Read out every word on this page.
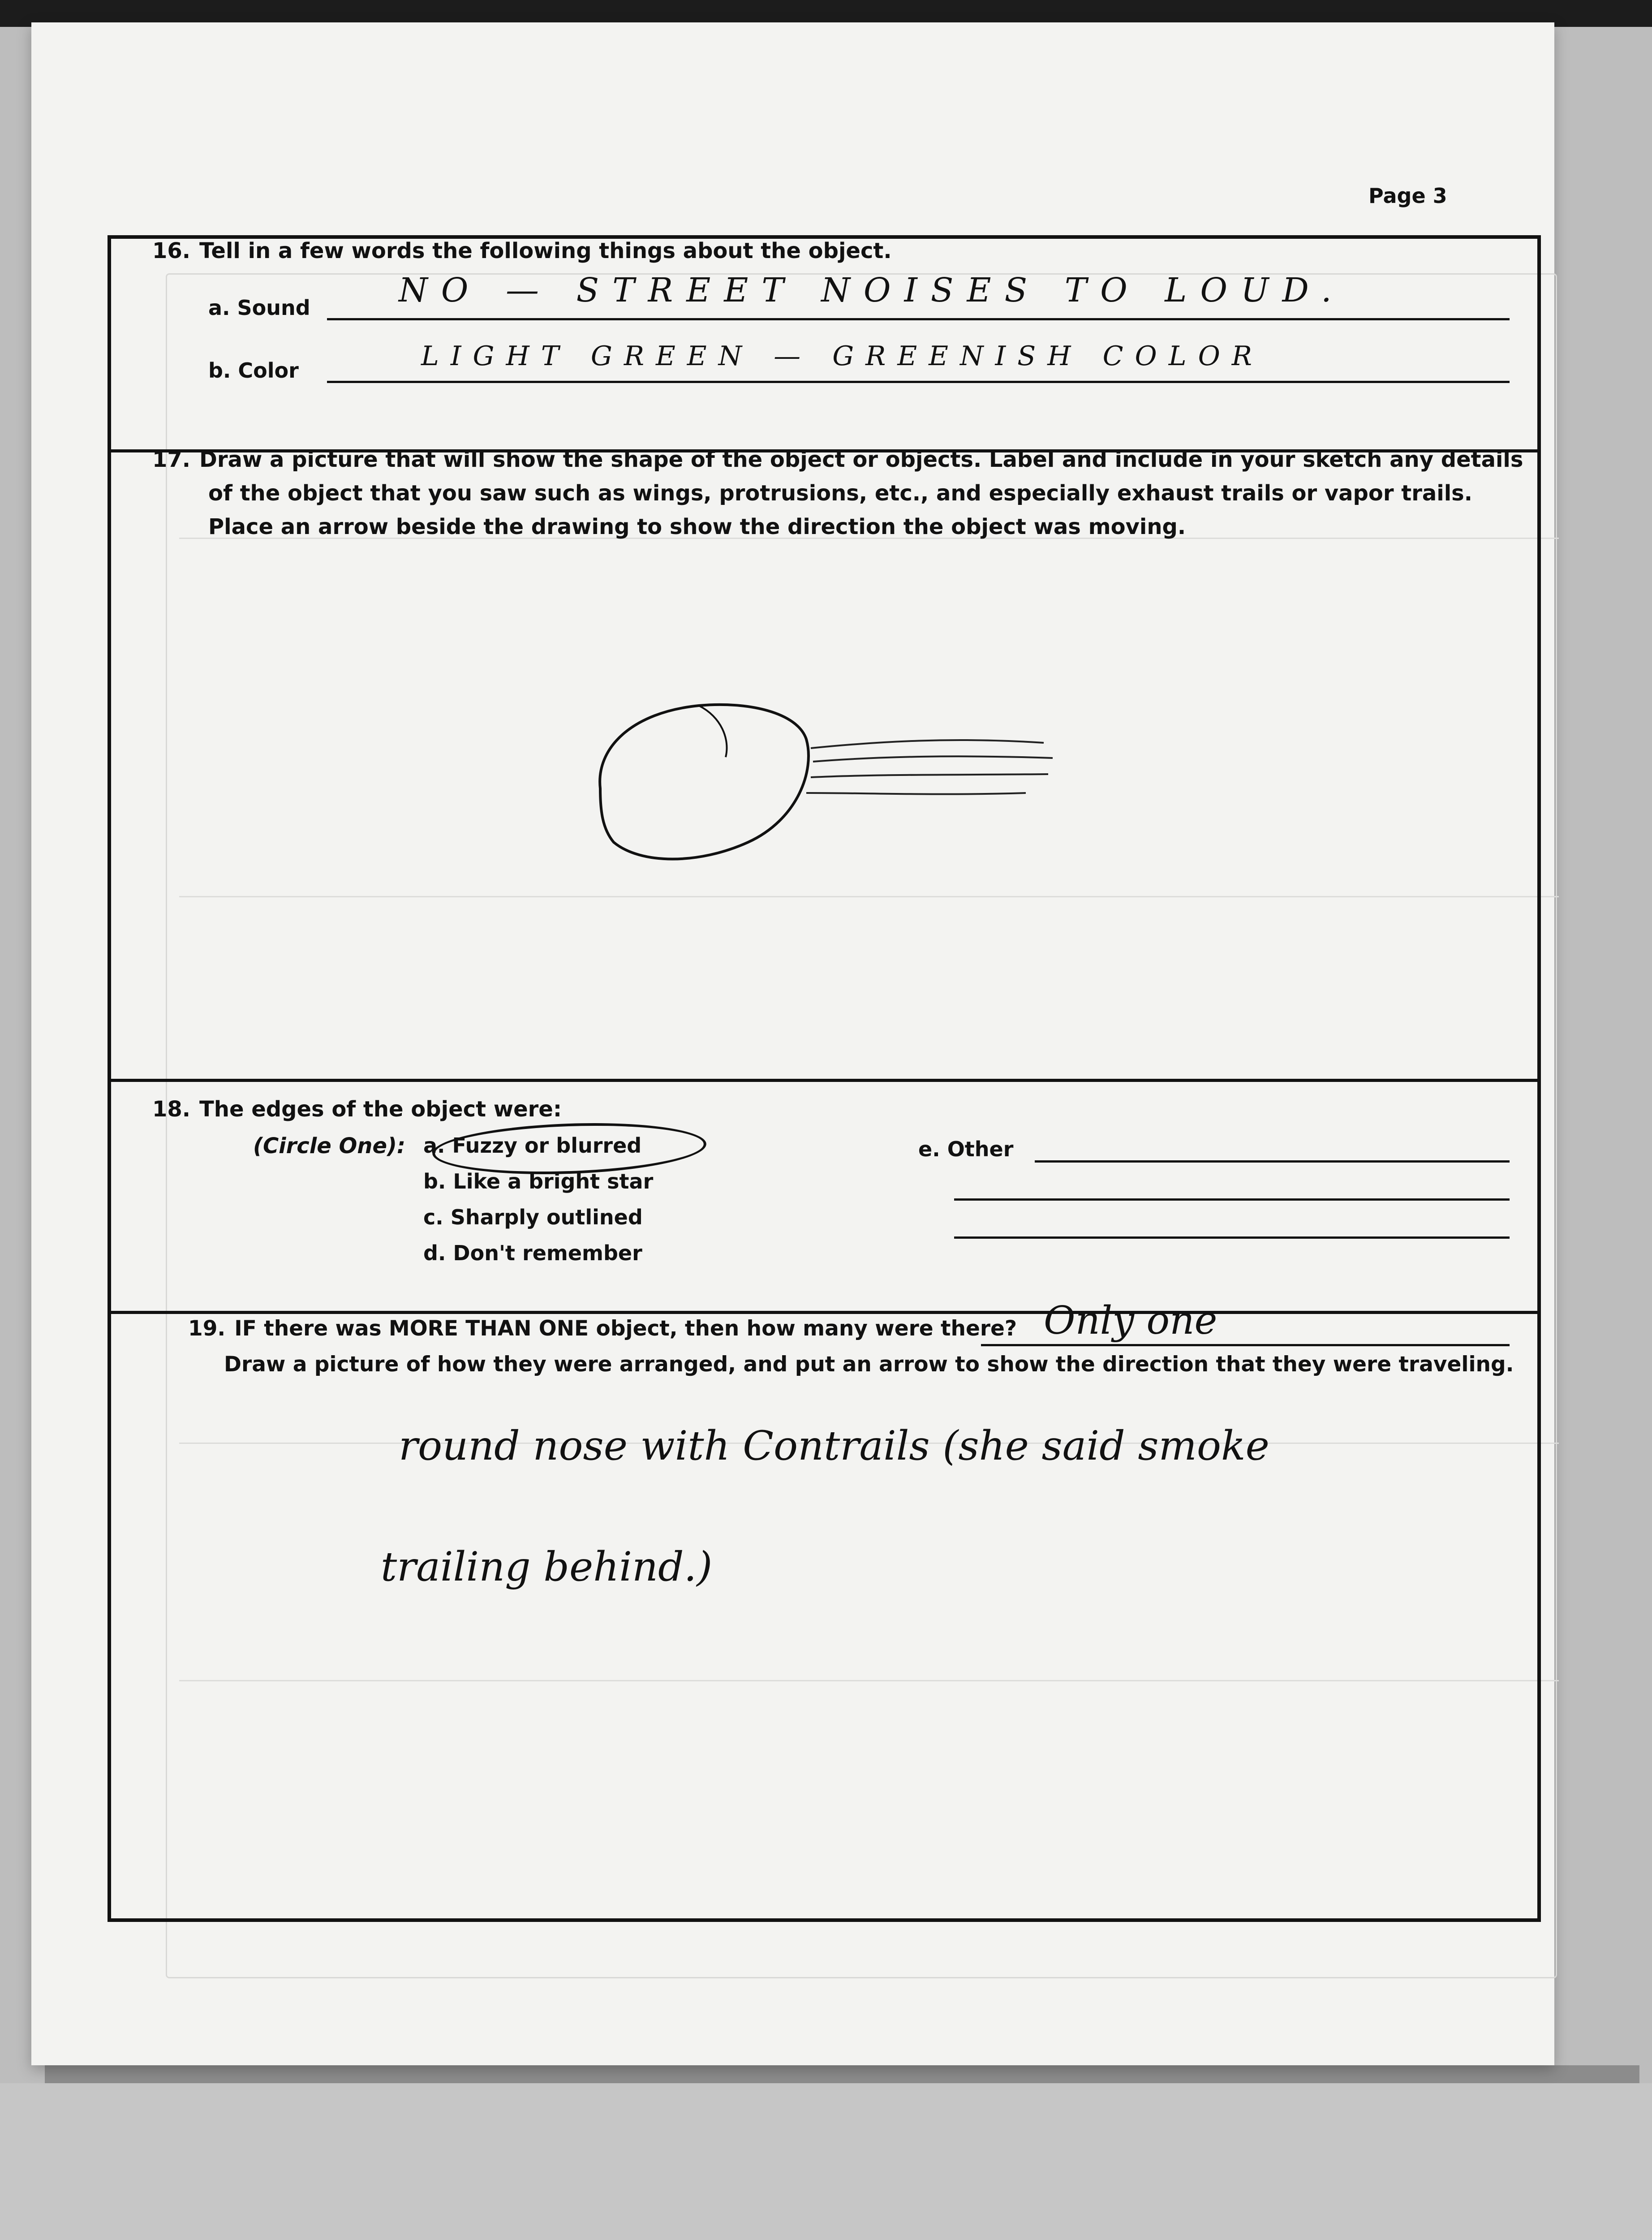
Page 3
16. Tell in a few words the following things about the object.
a. Sound	NO — STREET NOISES TO LOUD.
b. Color	LIGHT GREEN — GREENISH COLOR
17. Draw a picture that will show the shape of the object or objects. Label and include in your sketch any details
of the object that you saw such as wings, protrusions, etc., and especially exhaust trails or vapor trails.
Place an arrow beside the drawing to show the direction the object was moving.
18. The edges of the object were:
(Circle One): a. Fuzzy or blurred
b. Like a bright star
c. Sharply outlined
d. Don't remember
e. Other
19. IF there was MORE THAN ONE object, then how many were there? Only one
Draw a picture of how they were arranged, and put an arrow to show the direction that they were traveling.
round nose with Contrails (she said smoke
trailing behind.)
